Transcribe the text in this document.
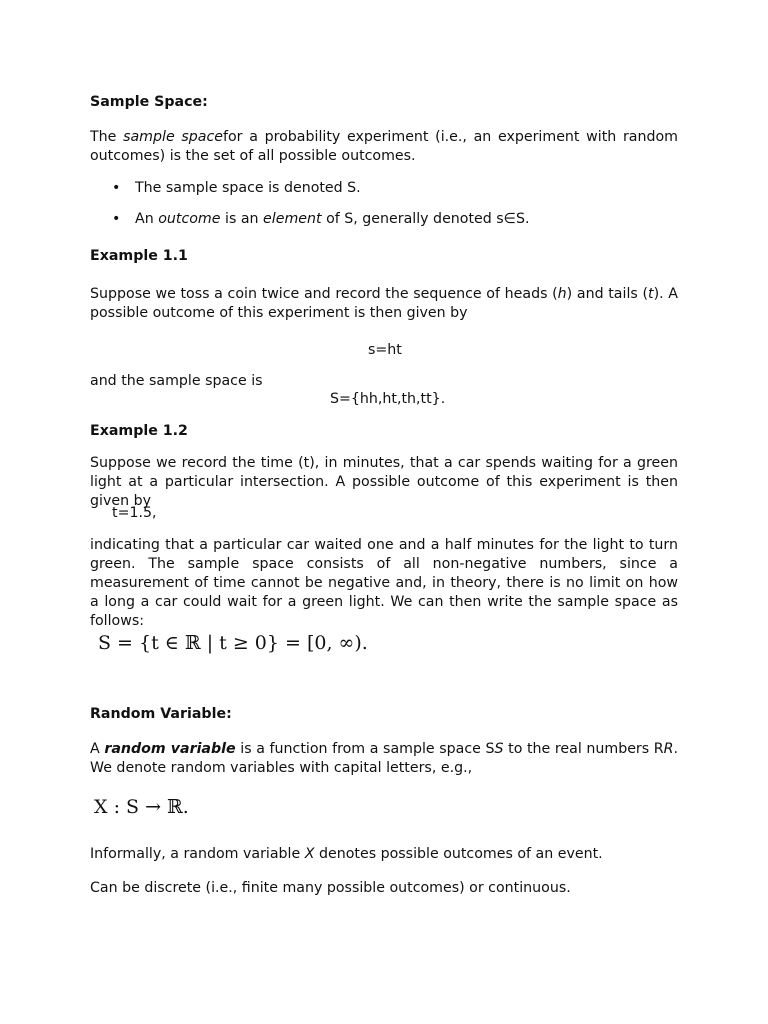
Sample Space:

The sample spacefor a probability experiment (i.e., an experiment with random outcomes) is the set of all possible outcomes.

• The sample space is denoted S.
• An outcome is an element of S, generally denoted s∈S.
Example 1.1

Suppose we toss a coin twice and record the sequence of heads (h) and tails (t). A possible outcome of this experiment is then given by

s=ht

and the sample space is

S={hh,ht,th,tt}.
Example 1.2

Suppose we record the time (t), in minutes, that a car spends waiting for a green light at a particular intersection. A possible outcome of this experiment is then given by

t=1.5,

indicating that a particular car waited one and a half minutes for the light to turn green. The sample space consists of all non-negative numbers, since a measurement of time cannot be negative and, in theory, there is no limit on how a long a car could wait for a green light. We can then write the sample space as follows:

S = {t ∈ ℝ | t ≥ 0} = [0, ∞).
Random Variable:

A random variable is a function from a sample space SS to the real numbers RR. We denote random variables with capital letters, e.g.,

X : S → ℝ.

Informally, a random variable X denotes possible outcomes of an event.

Can be discrete (i.e., finite many possible outcomes) or continuous.
